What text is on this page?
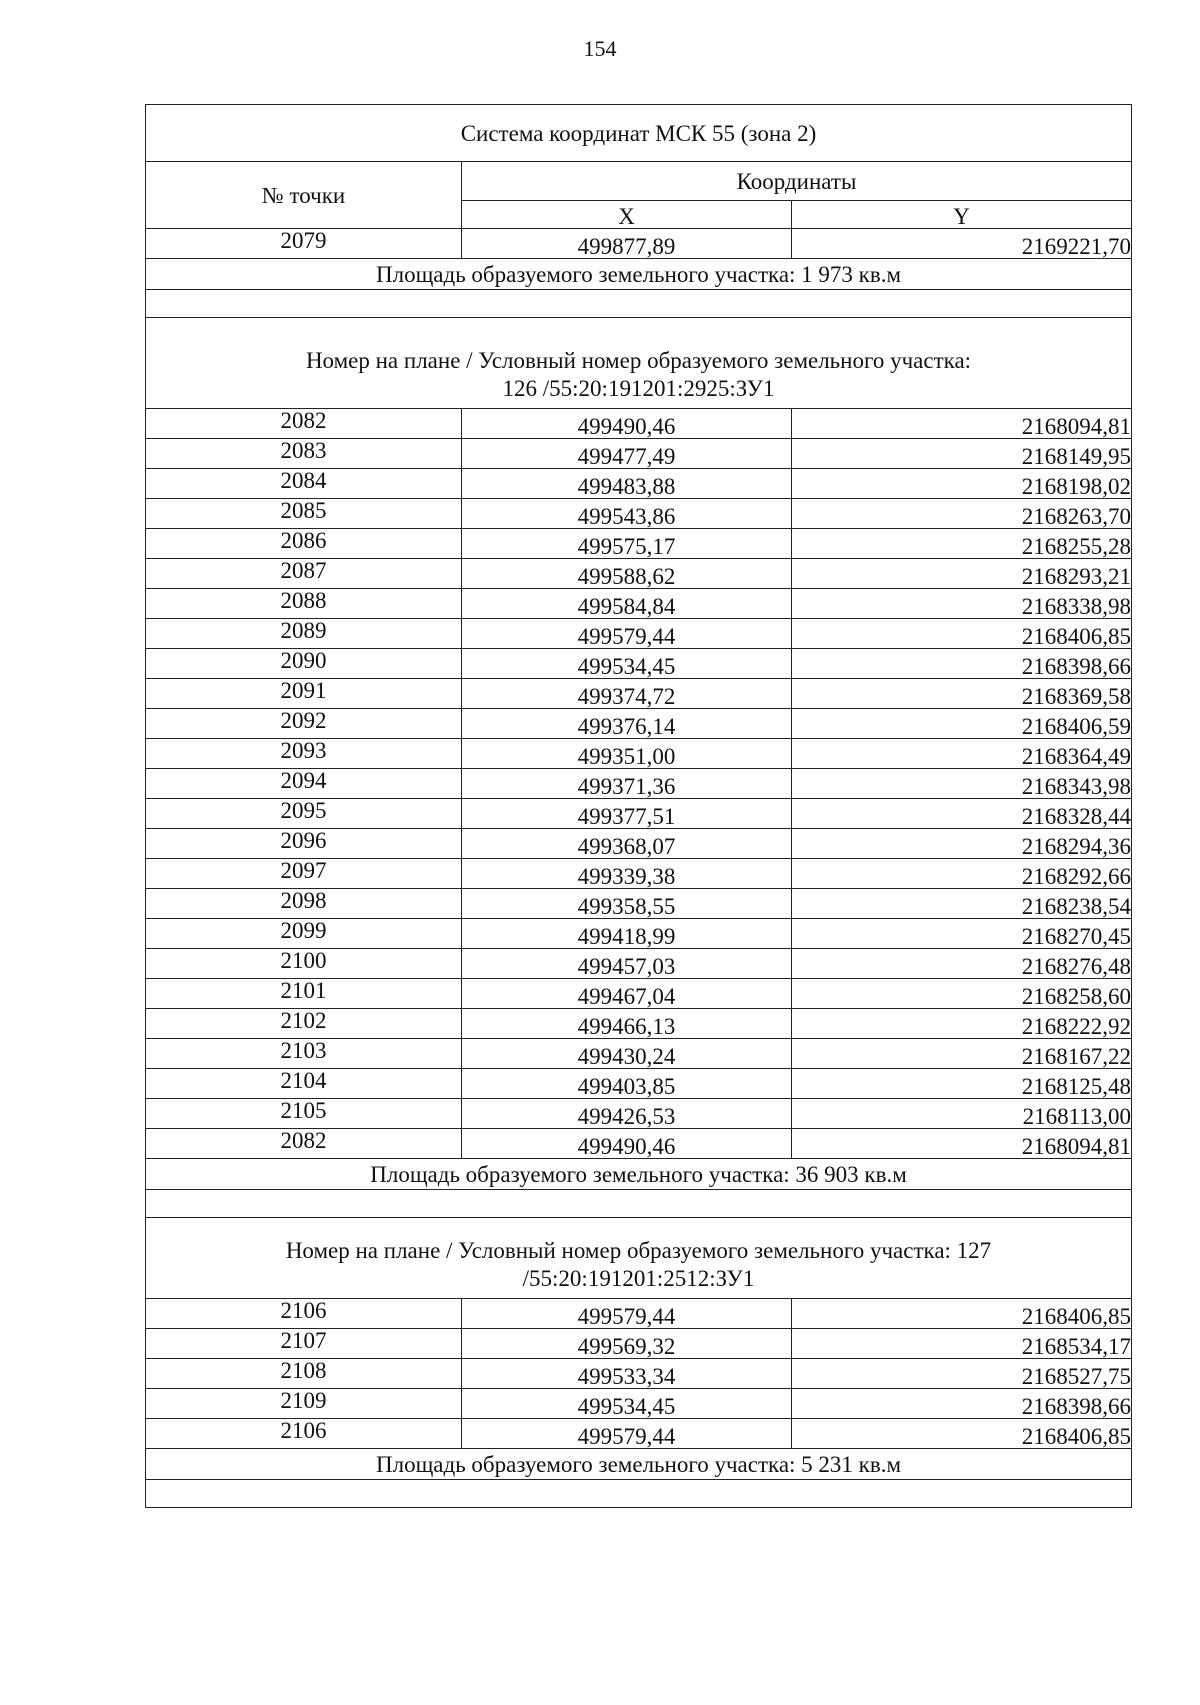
154
Система координат МСК 55 (зона 2)		
№ точки	Координаты	
	X	Y
2079	499877,89	2169221,70
Площадь образуемого земельного участка: 1 973 кв.м		

Номер на плане / Условный номер образуемого земельного участка:
126 /55:20:191201:2925:ЗУ1		

2082	499490,46	2168094,81
2083	499477,49	2168149,95
2084	499483,88	2168198,02
2085	499543,86	2168263,70
2086	499575,17	2168255,28
2087	499588,62	2168293,21
2088	499584,84	2168338,98
2089	499579,44	2168406,85
2090	499534,45	2168398,66
2091	499374,72	2168369,58
2092	499376,14	2168406,59
2093	499351,00	2168364,49
2094	499371,36	2168343,98
2095	499377,51	2168328,44
2096	499368,07	2168294,36
2097	499339,38	2168292,66
2098	499358,55	2168238,54
2099	499418,99	2168270,45
2100	499457,03	2168276,48
2101	499467,04	2168258,60
2102	499466,13	2168222,92
2103	499430,24	2168167,22
2104	499403,85	2168125,48
2105	499426,53	2168113,00
2082	499490,46	2168094,81
Площадь образуемого земельного участка: 36 903 кв.м		

Номер на плане / Условный номер образуемого земельного участка: 127
/55:20:191201:2512:ЗУ1		

2106	499579,44	2168406,85
2107	499569,32	2168534,17
2108	499533,34	2168527,75
2109	499534,45	2168398,66
2106	499579,44	2168406,85
Площадь образуемого земельного участка: 5 231 кв.м		
